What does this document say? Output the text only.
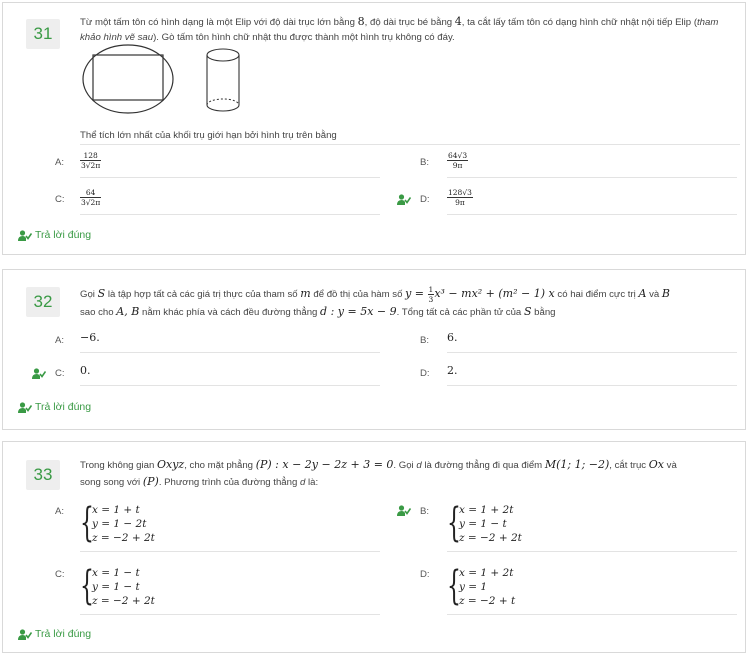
31
Từ một tấm tôn có hình dạng là một Elip với độ dài trục lớn bằng 8, độ dài trục bé bằng 4, ta cắt lấy tấm tôn có dạng hình chữ nhật nội tiếp Elip (tham khảo hình vẽ sau). Gò tấm tôn hình chữ nhật thu được thành một hình trụ không có đáy.
Thể tích lớn nhất của khối trụ giới hạn bởi hình trụ trên bằng
A: $\frac{128}{3√2\pi}$	B: $\frac{64√3}{9\pi}$
C: $\frac{64}{3√2\pi}$	D: $\frac{128√3}{9\pi}$
Trả lời đúng
32	Gọi S là tập hợp tất cả các giá trị thực của tham số m để đồ thị của hàm số $y = \frac{1}{3} x^3 - mx^2 + (m^2 - 1)$ x có hai điểm cực trị A và B
sao cho A, B nằm khác phía và cách đều đường thẳng d : y = 5x − 9. Tổng tất cả các phần tử của S bằng
A: −6.	B: 6.
C: 0.	D: 2.
Trả lời đúng
33	Trong không gian Oxyz, cho mặt phẳng (P) : x − 2y − 2z + 3 = 0. Gọi d là đường thẳng đi qua điểm M(1; 1; −2), cắt trục Ox và
song song với (P). Phương trình của đường thẳng d là:
A: {
x = 1 + t
y = 1 − 2t
z = −2 + 2t
B: {
x = 1 + 2t
y = 1 − t
z = −2 + 2t
C: {
x = 1 − t
y = 1 − t
z = −2 + 2t
D: {
x = 1 + 2t
y = 1
z = −2 + t
Trả lời đúng
